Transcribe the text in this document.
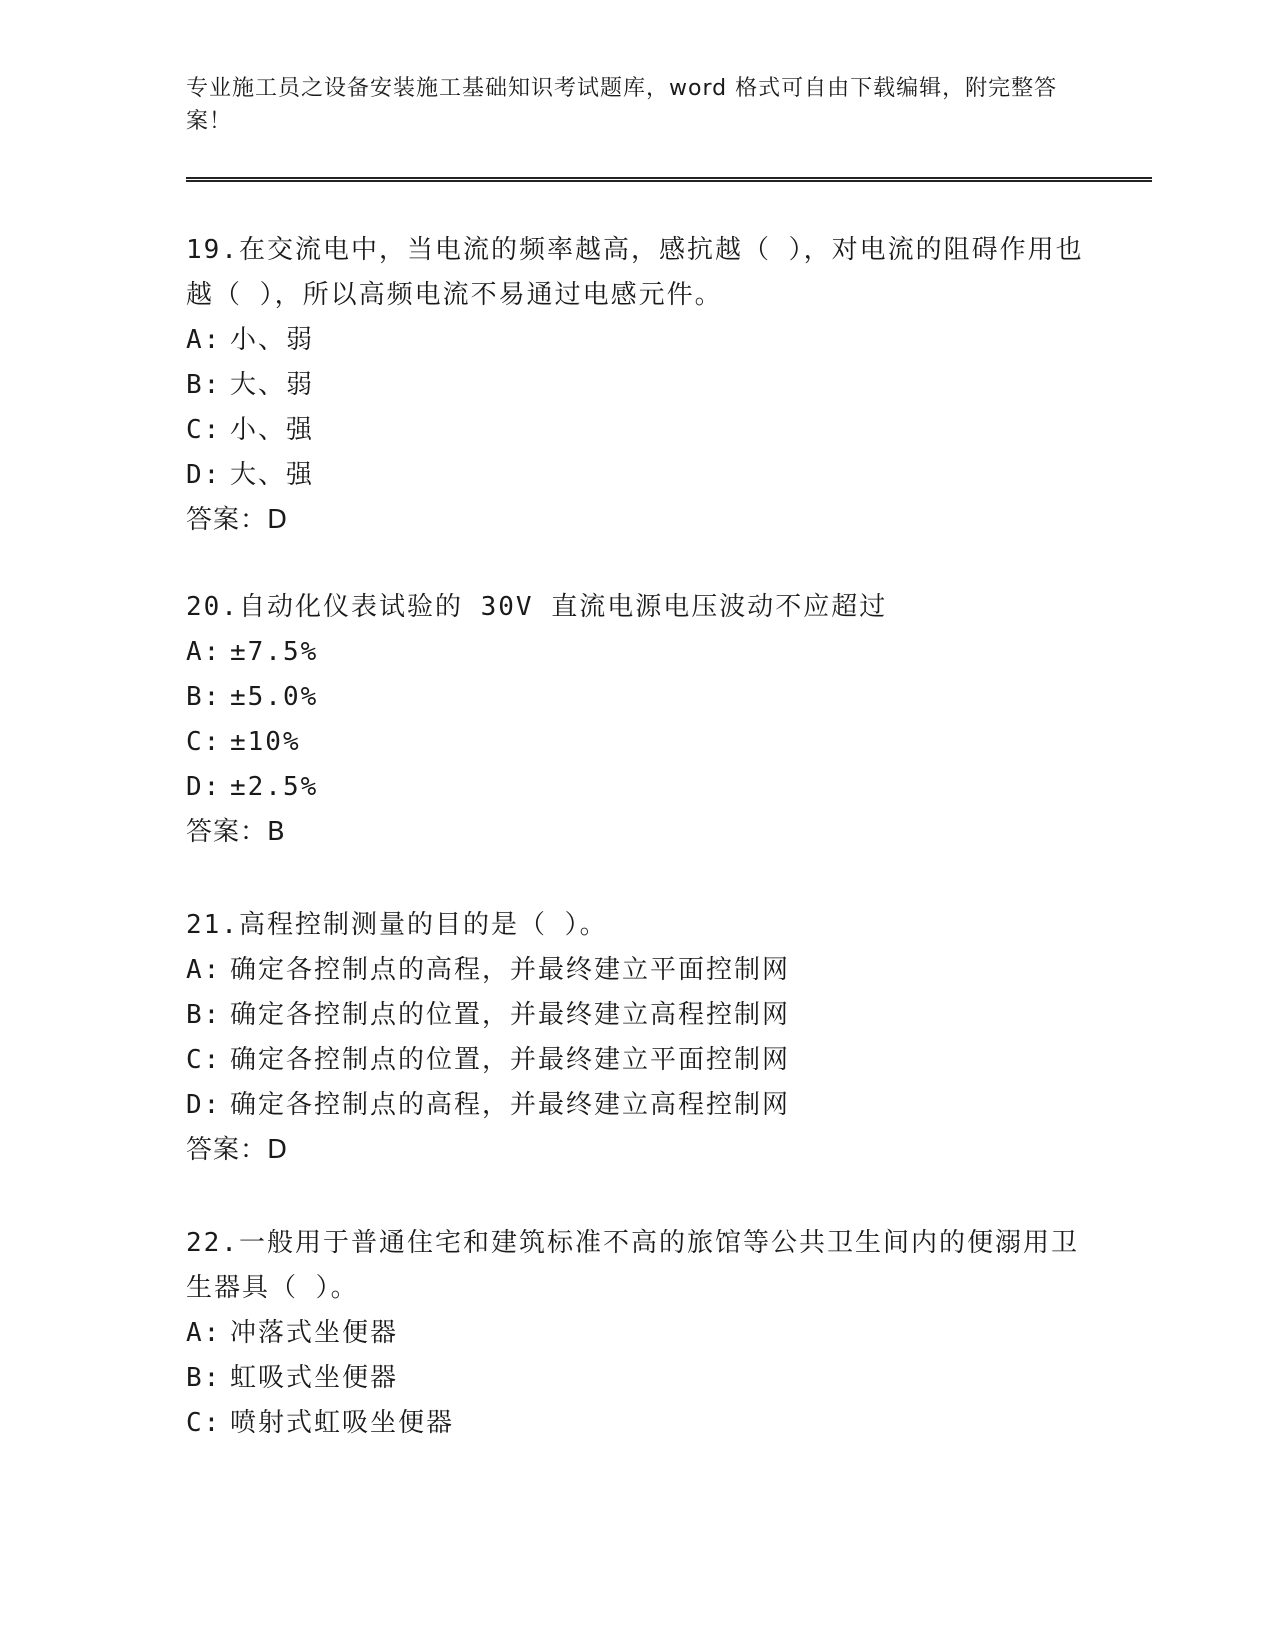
专业施工员之设备安装施工基础知识考试题库，word 格式可自由下载编辑，附完整答案！

19.在交流电中，当电流的频率越高，感抗越（ ），对电流的阻碍作用也越（ ），所以高频电流不易通过电感元件。

A: 小、弱

B: 大、弱

C: 小、强

D: 大、强

答案：D

20.自动化仪表试验的 30V 直流电源电压波动不应超过

A: ±7.5%

B: ±5.0%

C: ±10%

D: ±2.5%

答案：B

21.高程控制测量的目的是（ ）。

A: 确定各控制点的高程，并最终建立平面控制网

B: 确定各控制点的位置，并最终建立高程控制网

C: 确定各控制点的位置，并最终建立平面控制网

D: 确定各控制点的高程，并最终建立高程控制网

答案：D

22.一般用于普通住宅和建筑标准不高的旅馆等公共卫生间内的便溺用卫生器具（ ）。

A: 冲落式坐便器

B: 虹吸式坐便器

C: 喷射式虹吸坐便器
